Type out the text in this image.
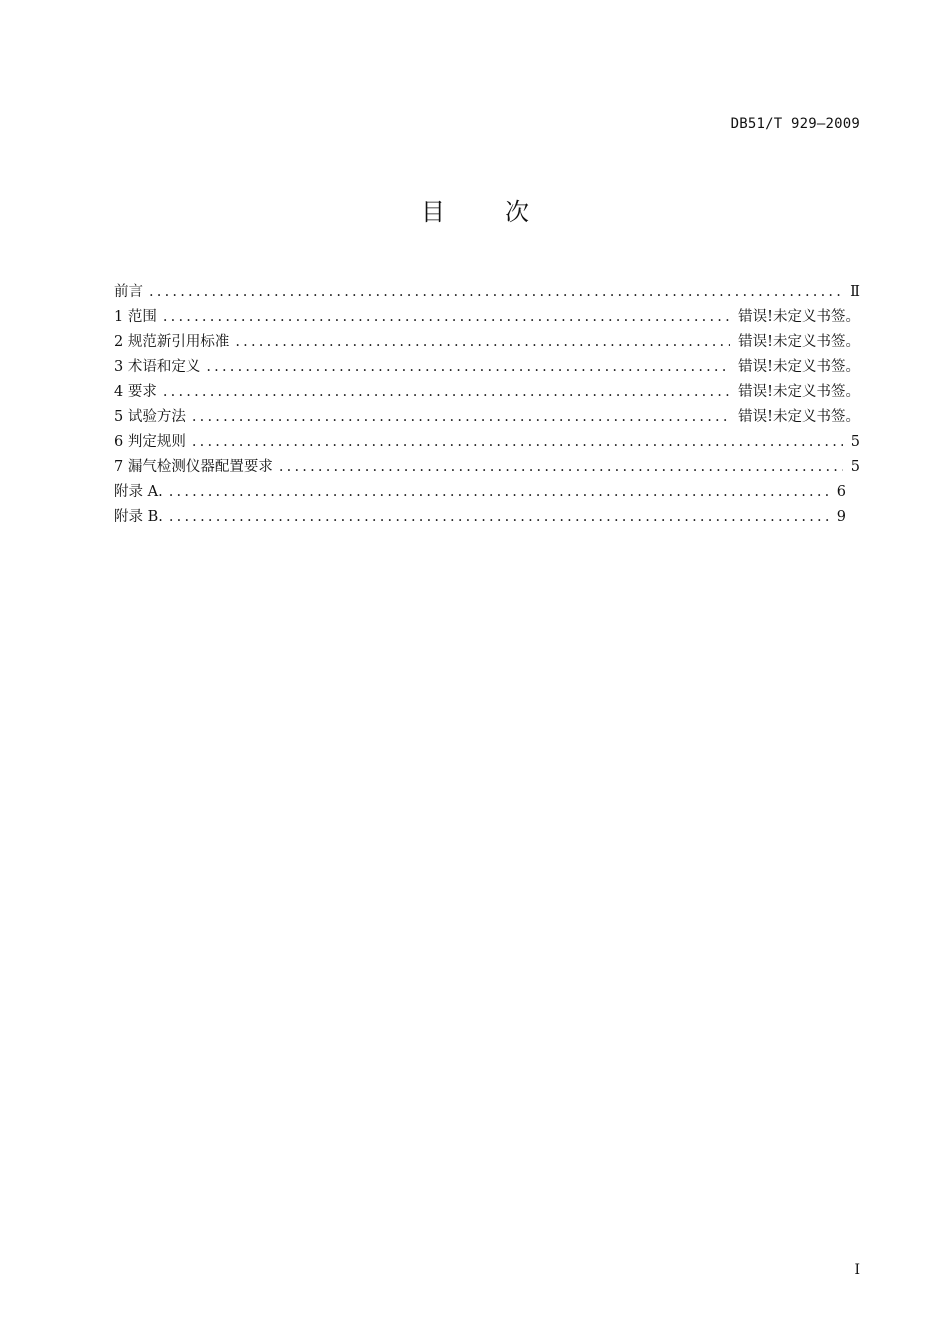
DB51/T 929—2009
目	次
前言 .....	Ⅱ
1 范围 .....	错误!未定义书签。
2 规范新引用标准 .....	错误!未定义书签。
3 术语和定义 .....	错误!未定义书签。
4 要求 .....	错误!未定义书签。
5 试验方法 .....	错误!未定义书签。
6 判定规则 .....	5
7 漏气检测仪器配置要求 .....	5
附录 A. .....	6
附录 B. .....	9
I
